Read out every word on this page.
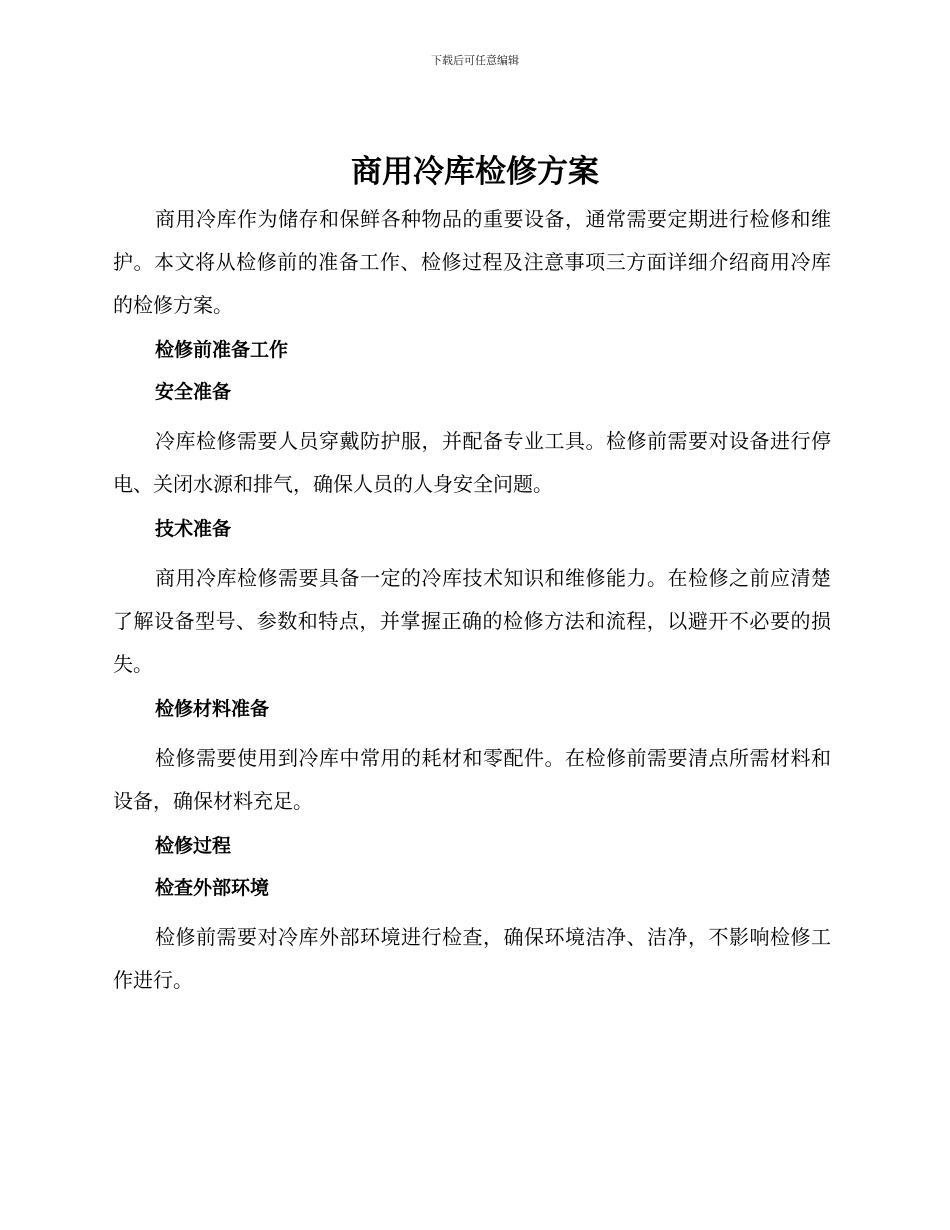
下载后可任意编辑
商用冷库检修方案

商用冷库作为储存和保鲜各种物品的重要设备，通常需要定期进行检修和维护。本文将从检修前的准备工作、检修过程及注意事项三方面详细介绍商用冷库的检修方案。

检修前准备工作
安全准备

冷库检修需要人员穿戴防护服，并配备专业工具。检修前需要对设备进行停电、关闭水源和排气，确保人员的人身安全问题。

技术准备

商用冷库检修需要具备一定的冷库技术知识和维修能力。在检修之前应清楚了解设备型号、参数和特点，并掌握正确的检修方法和流程，以避开不必要的损失。

检修材料准备

检修需要使用到冷库中常用的耗材和零配件。在检修前需要清点所需材料和设备，确保材料充足。

检修过程
检查外部环境

检修前需要对冷库外部环境进行检查，确保环境洁净、洁净，不影响检修工作进行。
